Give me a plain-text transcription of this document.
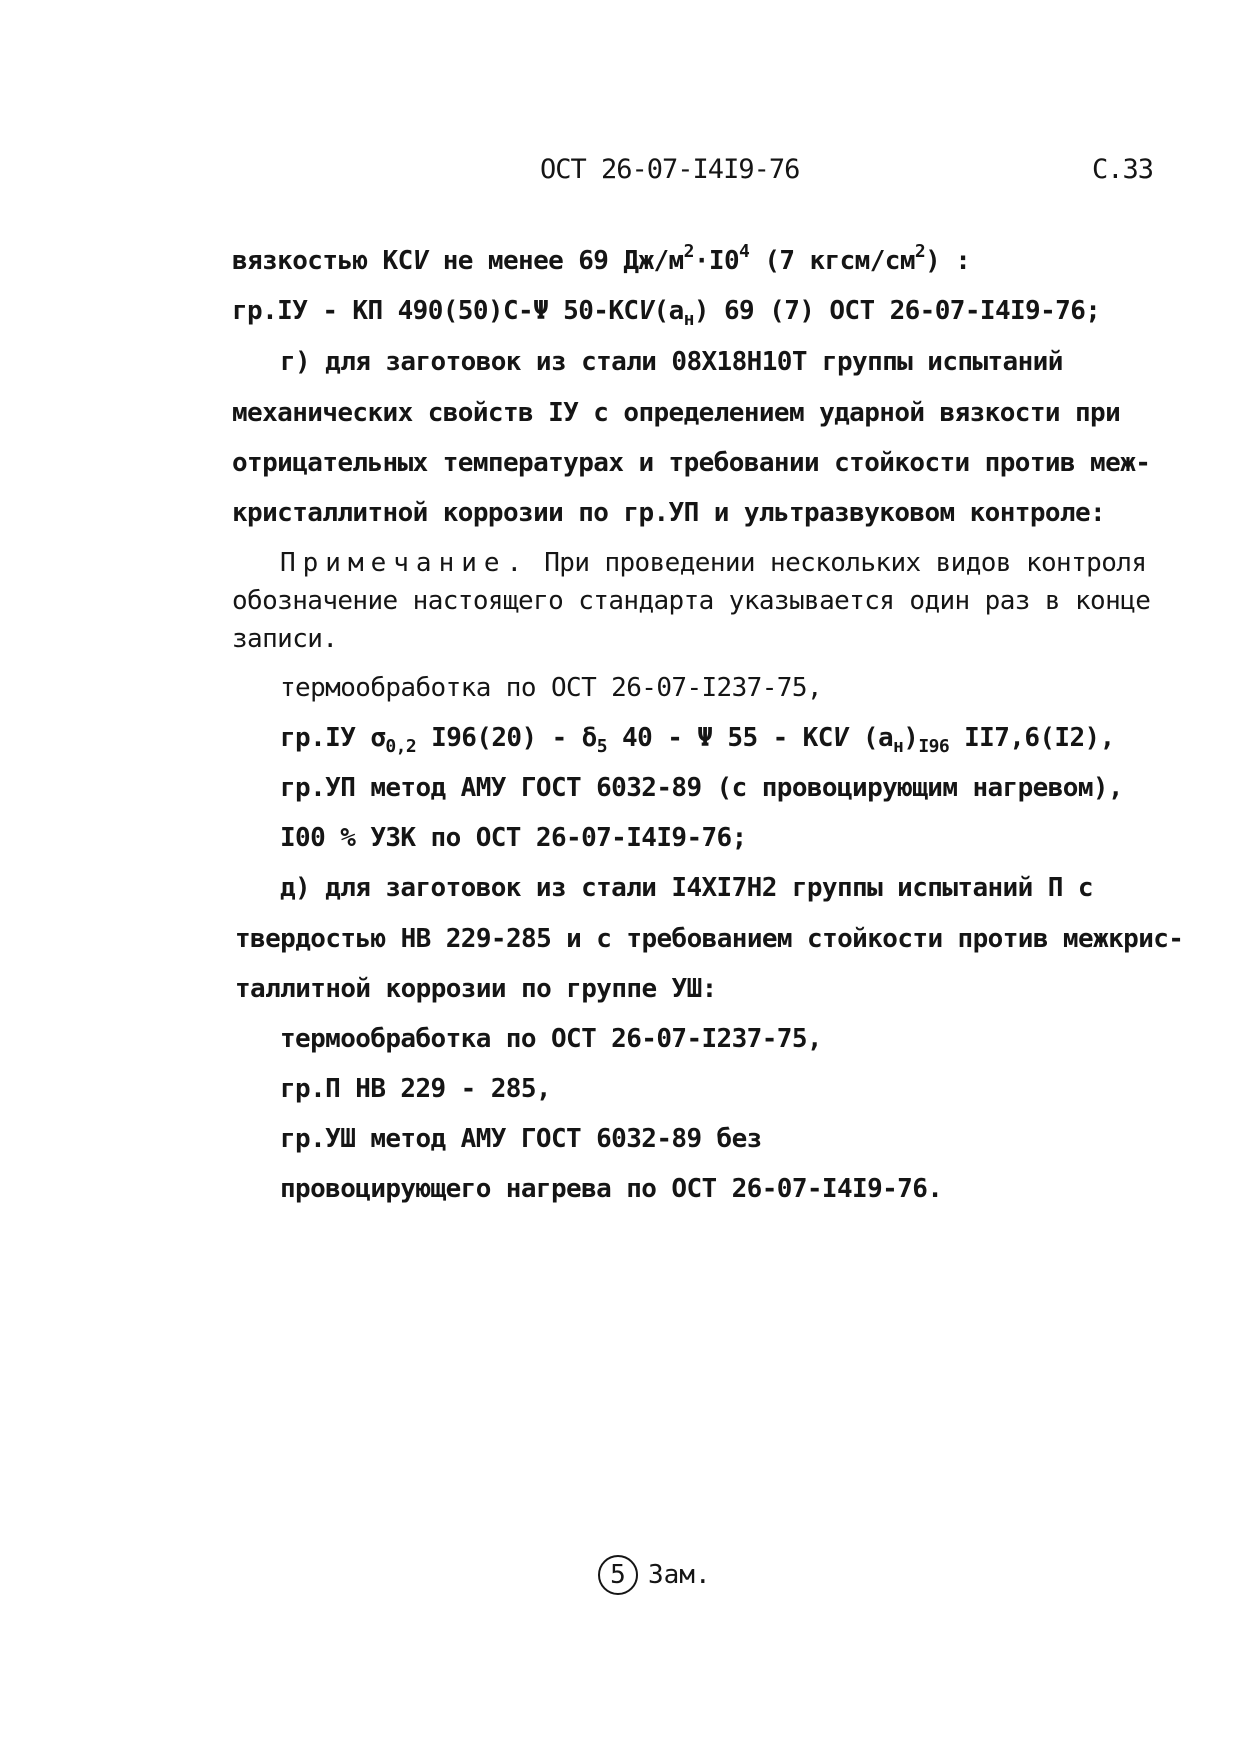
ОСТ 26-07-I4I9-76	С.33
вязкостью КСV не менее 69 $Дж/м^2\cdot I0^4$ (7 кгсм/$см^2$) :
гр.IУ - КП 490(50)С-Ψ $50-КСV(а_н)$ 69 (7) ОСТ 26-07-I4I9-76;
г) для заготовок из стали 08Х18Н10Т группы испытаний
механических свойств IУ с определением ударной вязкости при
отрицательных температурах и требовании стойкости против меж-
кристаллитной коррозии по гр.УП и ультразвуковом контроле:
Примечание. При проведении нескольких видов контроля
обозначение настоящего стандарта указывается один раз в конце
записи.
термообработка по ОСТ 26-07-I237-75,
гр.IУ $\sigma_{0,2}$ $I96(20) - \delta_5$ 40 - Ψ 55 - КСV $(а_н)_{I96}$ II7,6(I2),
гр.УП метод АМУ ГОСТ 6032-89 (с провоцирующим нагревом),
I00 % УЗК по ОСТ 26-07-I4I9-76;
д) для заготовок из стали I4ХI7Н2 группы испытаний П с
твердостью НВ 229-285 и с требованием стойкости против межкрис-
таллитной коррозии по группе УШ:
термообработка по ОСТ 26-07-I237-75,
гр.П НВ 229 - 285,
гр.УШ метод АМУ ГОСТ 6032-89 без
провоцирующего нагрева по ОСТ 26-07-I4I9-76.
5 Зам.
